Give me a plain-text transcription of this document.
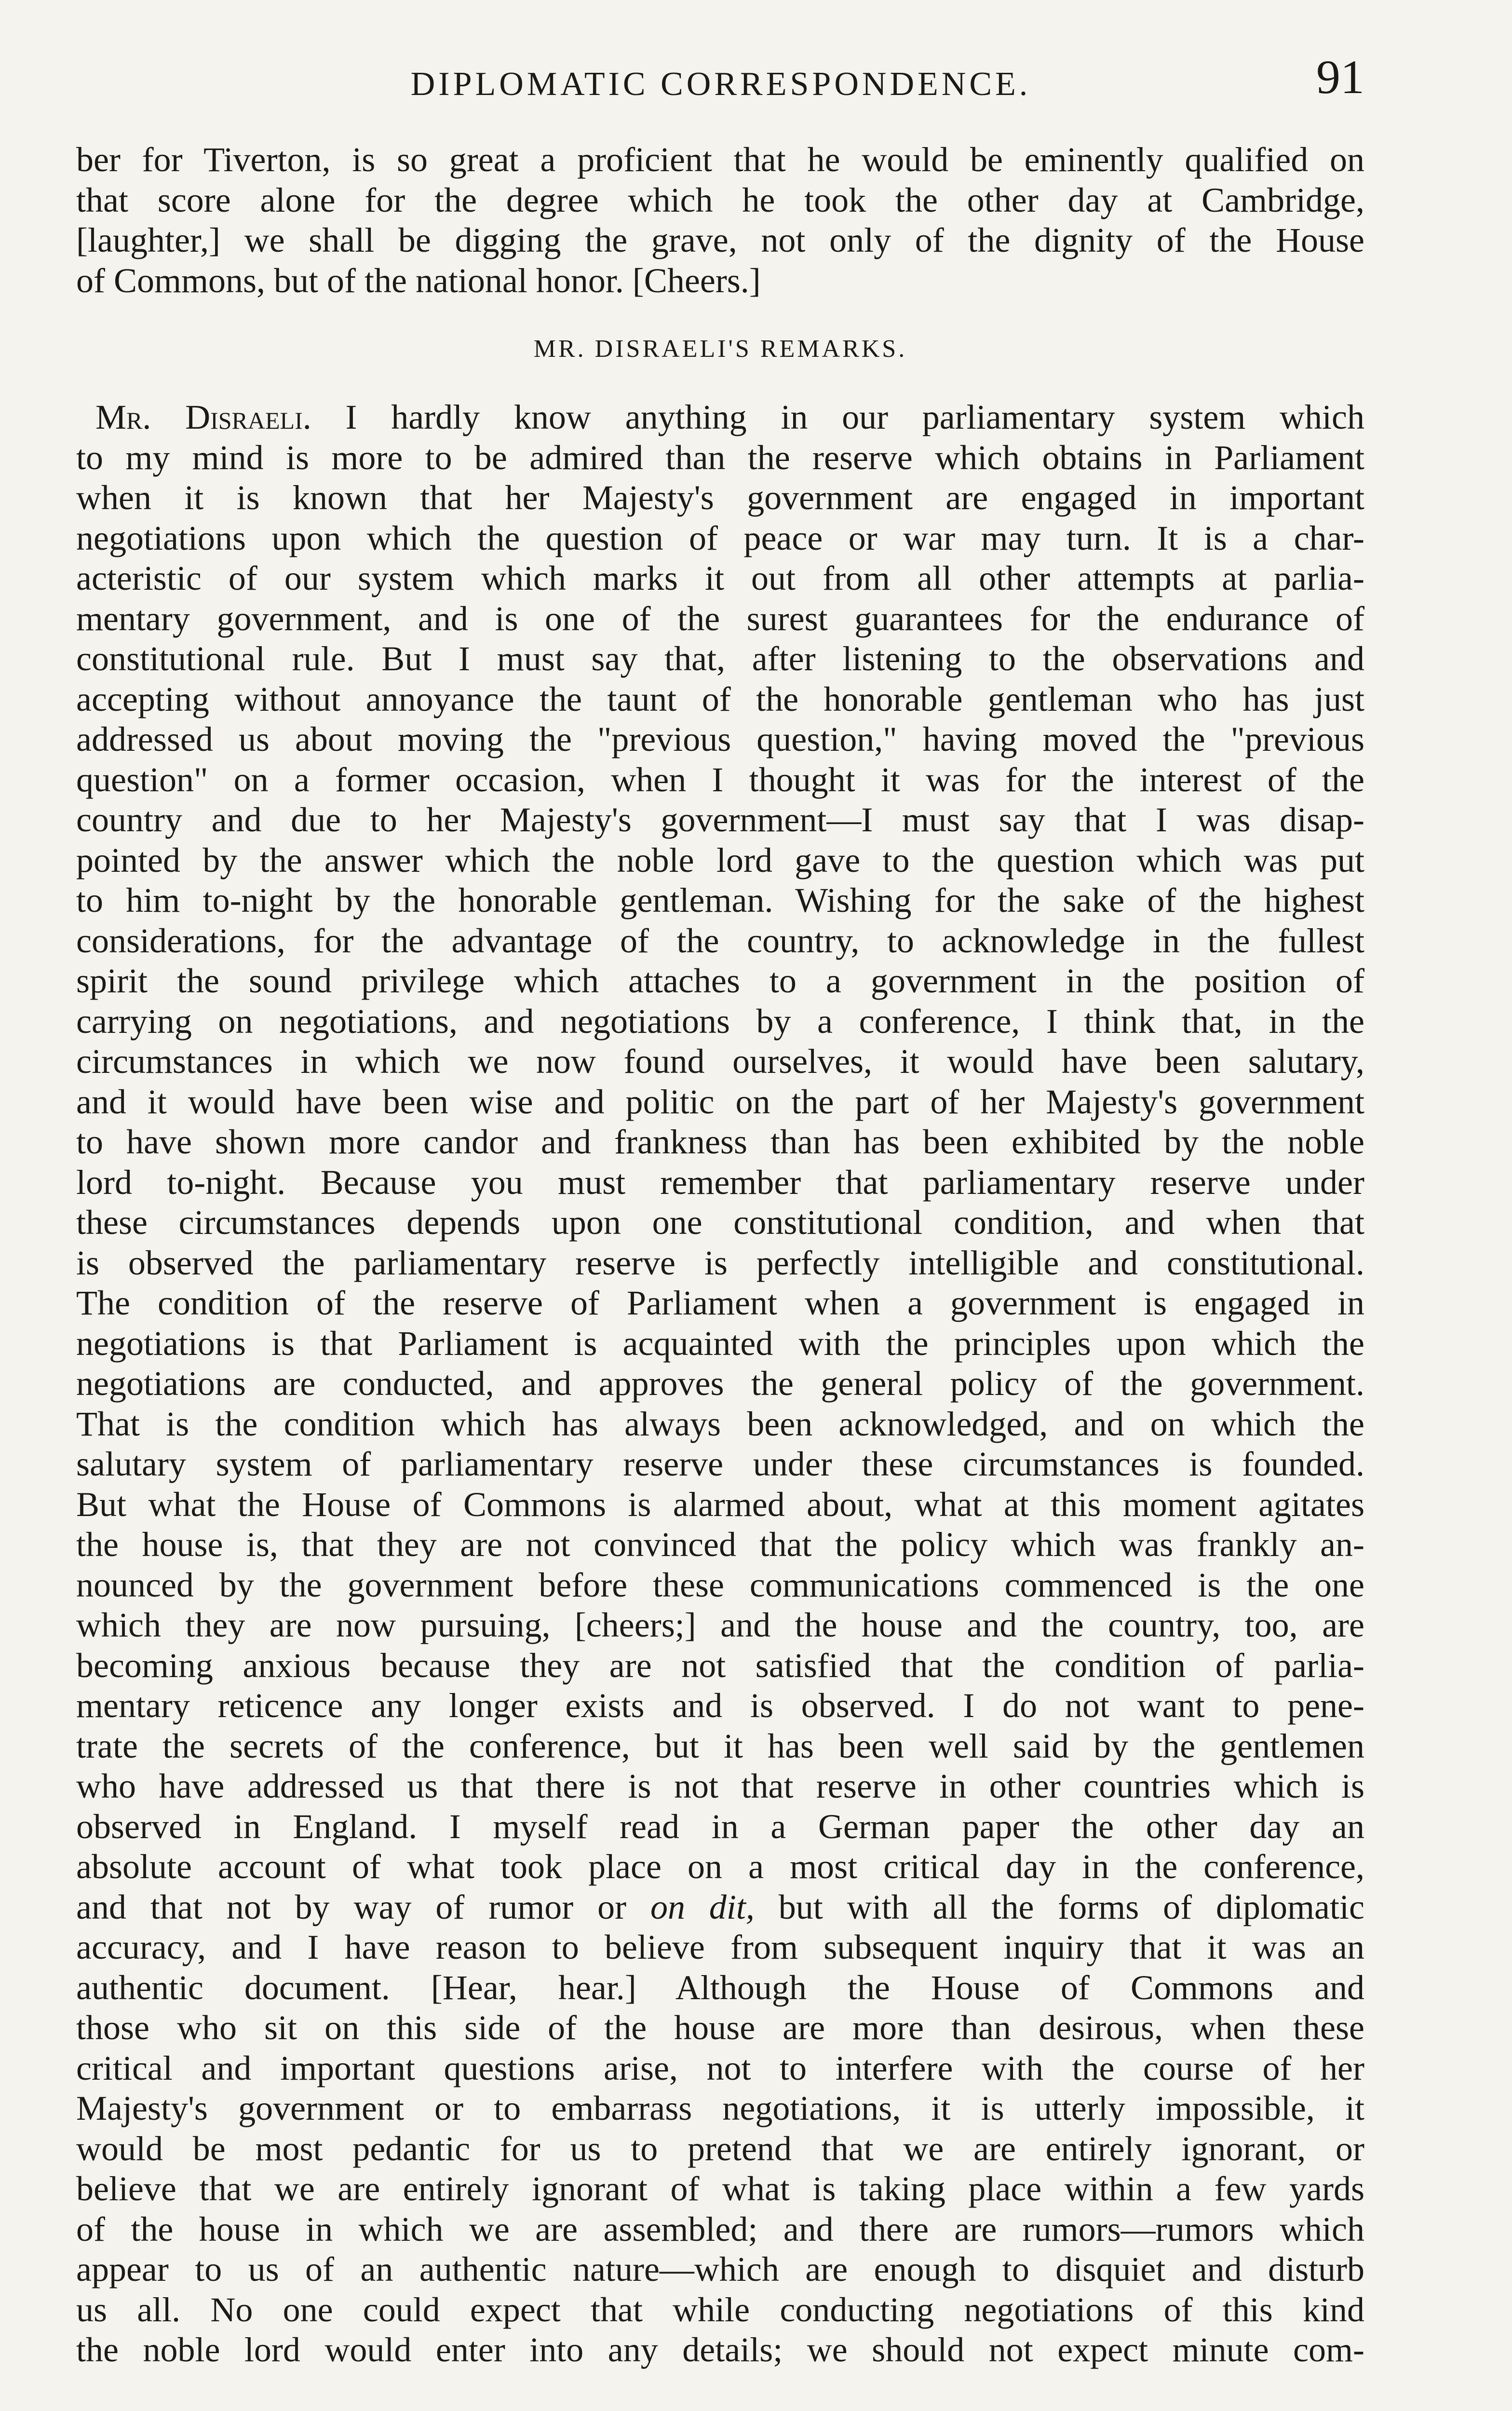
DIPLOMATIC CORRESPONDENCE.	91
ber for Tiverton, is so great a proficient that he would be eminently qualified on
that score alone for the degree which he took the other day at Cambridge,
[laughter,] we shall be digging the grave, not only of the dignity of the House
of Commons, but of the national honor. [Cheers.]
MR. DISRAELI'S REMARKS.
Mr. Disraeli. I hardly know anything in our parliamentary system which
to my mind is more to be admired than the reserve which obtains in Parliament
when it is known that her Majesty's government are engaged in important
negotiations upon which the question of peace or war may turn. It is a char-
acteristic of our system which marks it out from all other attempts at parlia-
mentary government, and is one of the surest guarantees for the endurance of
constitutional rule. But I must say that, after listening to the observations and
accepting without annoyance the taunt of the honorable gentleman who has just
addressed us about moving the "previous question," having moved the "previous
question" on a former occasion, when I thought it was for the interest of the
country and due to her Majesty's government—I must say that I was disap-
pointed by the answer which the noble lord gave to the question which was put
to him to-night by the honorable gentleman. Wishing for the sake of the highest
considerations, for the advantage of the country, to acknowledge in the fullest
spirit the sound privilege which attaches to a government in the position of
carrying on negotiations, and negotiations by a conference, I think that, in the
circumstances in which we now found ourselves, it would have been salutary,
and it would have been wise and politic on the part of her Majesty's government
to have shown more candor and frankness than has been exhibited by the noble
lord to-night. Because you must remember that parliamentary reserve under
these circumstances depends upon one constitutional condition, and when that
is observed the parliamentary reserve is perfectly intelligible and constitutional.
The condition of the reserve of Parliament when a government is engaged in
negotiations is that Parliament is acquainted with the principles upon which the
negotiations are conducted, and approves the general policy of the government.
That is the condition which has always been acknowledged, and on which the
salutary system of parliamentary reserve under these circumstances is founded.
But what the House of Commons is alarmed about, what at this moment agitates
the house is, that they are not convinced that the policy which was frankly an-
nounced by the government before these communications commenced is the one
which they are now pursuing, [cheers;] and the house and the country, too, are
becoming anxious because they are not satisfied that the condition of parlia-
mentary reticence any longer exists and is observed. I do not want to pene-
trate the secrets of the conference, but it has been well said by the gentlemen
who have addressed us that there is not that reserve in other countries which is
observed in England. I myself read in a German paper the other day an
absolute account of what took place on a most critical day in the conference,
and that not by way of rumor or on dit, but with all the forms of diplomatic
accuracy, and I have reason to believe from subsequent inquiry that it was an
authentic document. [Hear, hear.] Although the House of Commons and
those who sit on this side of the house are more than desirous, when these
critical and important questions arise, not to interfere with the course of her
Majesty's government or to embarrass negotiations, it is utterly impossible, it
would be most pedantic for us to pretend that we are entirely ignorant, or
believe that we are entirely ignorant of what is taking place within a few yards
of the house in which we are assembled; and there are rumors—rumors which
appear to us of an authentic nature—which are enough to disquiet and disturb
us all. No one could expect that while conducting negotiations of this kind
the noble lord would enter into any details; we should not expect minute com-
